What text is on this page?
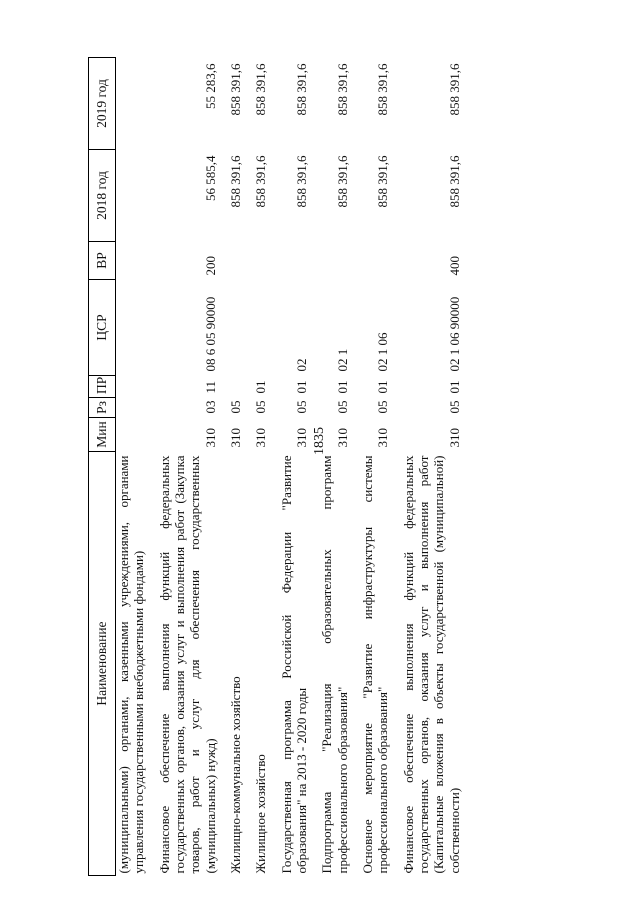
1835
Наименование	Мин	Рз	ПР	ЦСР	ВР	2018 год	2019 год
(муниципальными) органами, казенными учреждениями, органами управления государственными внебюджетными фондами)							
Финансовое обеспечение выполнения функций федеральных государственных органов, оказания услуг и выполнения работ (Закупка товаров, работ и услуг для обеспечения государственных (муниципальных) нужд)	310	03	11	08 6 05 90000	200	56 585,4	55 283,6
Жилищно-коммунальное хозяйство	310	05				858 391,6	858 391,6
Жилищное хозяйство	310	05	01			858 391,6	858 391,6
Государственная программа Российской Федерации "Развитие образования" на 2013 - 2020 годы	310	05	01	02		858 391,6	858 391,6
Подпрограмма "Реализация образовательных программ профессионального образования"	310	05	01	02 1		858 391,6	858 391,6
Основное мероприятие "Развитие инфраструктуры системы профессионального образования"	310	05	01	02 1 06		858 391,6	858 391,6
Финансовое обеспечение выполнения функций федеральных государственных органов, оказания услуг и выполнения работ (Капитальные вложения в объекты государственной (муниципальной) собственности)	310	05	01	02 1 06 90000	400	858 391,6	858 391,6
